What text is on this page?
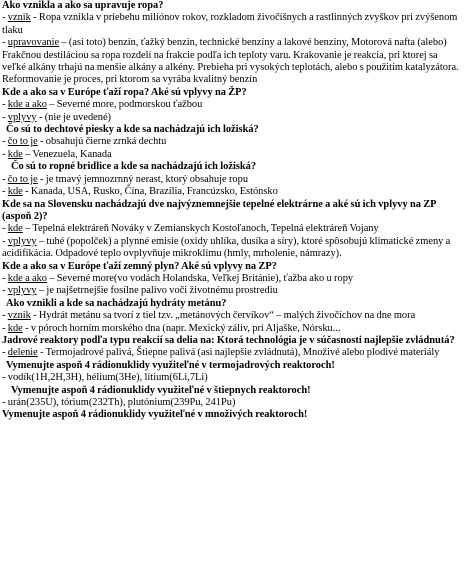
Ako vznikla a ako sa upravuje ropa?
- vznik - Ropa vznikla v priebehu miliónov rokov, rozkladom živočíšnych a rastlinných zvyškov pri zvýšenom tlaku
- upravovanie – (asi toto) benzín, ťažký benzín, technické benzíny a lakové benzíny, Motorová nafta (alebo) Frakčnou destiláciou sa ropa rozdelí na frakcie podľa ich teploty varu. Krakovanie je reakcia, pri ktorej sa veľké alkány trhajú na menšie alkány a alkény. Prebieha pri vysokých teplotách, alebo s použitím katalyzátora. Reformovanie je proces, pri ktorom sa vyrába kvalitný benzín
Kde a ako sa v Európe ťaží ropa? Aké sú vplyvy na ŽP?
- kde a ako – Severné more, podmorskou ťažbou
- vplyvy - (nie je uvedené)
Čo sú to dechtové piesky a kde sa nachádzajú ich ložiská?
- čo to je - obsahujú čierne zrnká dechtu
- kde – Venezuela, Kanada
Čo sú to ropné bridlice a kde sa nachádzajú ich ložiská?
- čo to je - je tmavý jemnozrnný nerast, ktorý obsahuje ropu
- kde - Kanada, USA, Rusko, Čína, Brazília, Francúzsko, Estónsko
Kde sa na Slovensku nachádzajú dve najvýznemnejšie tepelné elektrárne a aké sú ich vplyvy na ZP
(aspoň 2)?
- kde – Tepelná elektráreň Nováky v Zemianskych Kostoľanoch, Tepelná elektráreň Vojany
- vplyvy – tuhé (popolček) a plynné emisie (oxidy uhlíka, dusíka a síry), ktoré spôsobujú klimatické zmeny a acidifikácia. Odpadové teplo ovplyvňuje mikroklímu (hmly, mrholenie, námrazy).
Kde a ako sa v Európe ťaží zemný plyn? Aké sú vplyvy na ZP?
- kde a ako – Severné more(vo vodách Holandska, Veľkej Británie), ťažba ako u ropy
- vplyvy – je najšetrnejšie fosílne palivo voči životnému prostrediu
Ako vznikli a kde sa nachádzajú hydráty metánu?
- vznik - Hydrát metánu sa tvorí z tiel tzv. „metánových červíkov“ – malých živočíchov na dne mora
- kde - v póroch horním morského dna (napr. Mexický záliv, pri Aljaške, Nórsku...
Jadrové reaktory podľa typu reakcií sa delia na: Ktorá technológia je v súčasnosti najlepšie zvládnutá?
- delenie - Termojadrové palivá, Štiepne palivá (asi najlepšie zvládnutá), Množivé alebo plodivé materiály
Vymenujte aspoň 4 rádionuklidy využiteľné v termojadrových reaktoroch!
- vodík(1H,2H,3H), hélium(3He), lítium(6Li,7Li)
Vymenujte aspoň 4 rádionuklidy využiteľné v štiepnych reaktoroch!
- urán(235U), tórium(232Th), plutónium(239Pu, 241Pu)
Vymenujte aspoň 4 rádionuklidy využiteľné v množivých reaktoroch!
